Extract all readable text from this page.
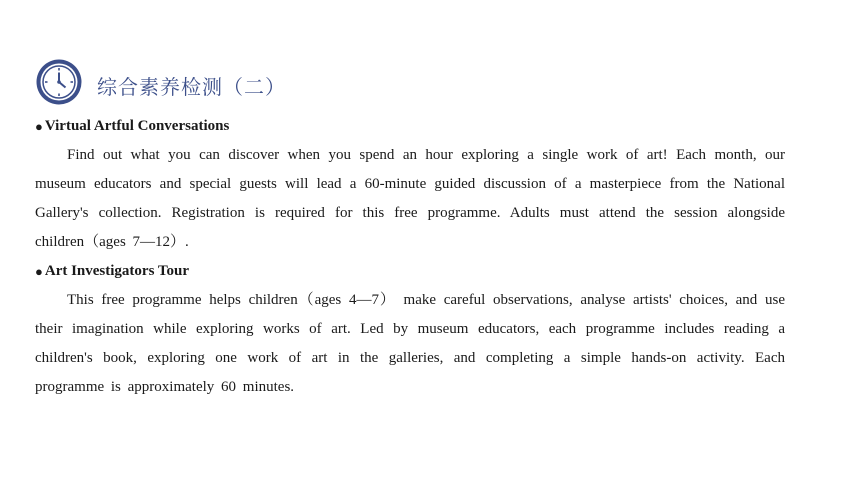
综合素养检测（二）
● Virtual Artful Conversations

Find out what you can discover when you spend an hour exploring a single work of art! Each month, our museum educators and special guests will lead a 60-minute guided discussion of a masterpiece from the National Gallery's collection. Registration is required for this free programme. Adults must attend the session alongside children（ages 7—12）.

● Art Investigators Tour

This free programme helps children（ages 4—7） make careful observations, analyse artists' choices, and use their imagination while exploring works of art. Led by museum educators, each programme includes reading a children's book, exploring one work of art in the galleries, and completing a simple hands-on activity. Each programme is approximately 60 minutes.
